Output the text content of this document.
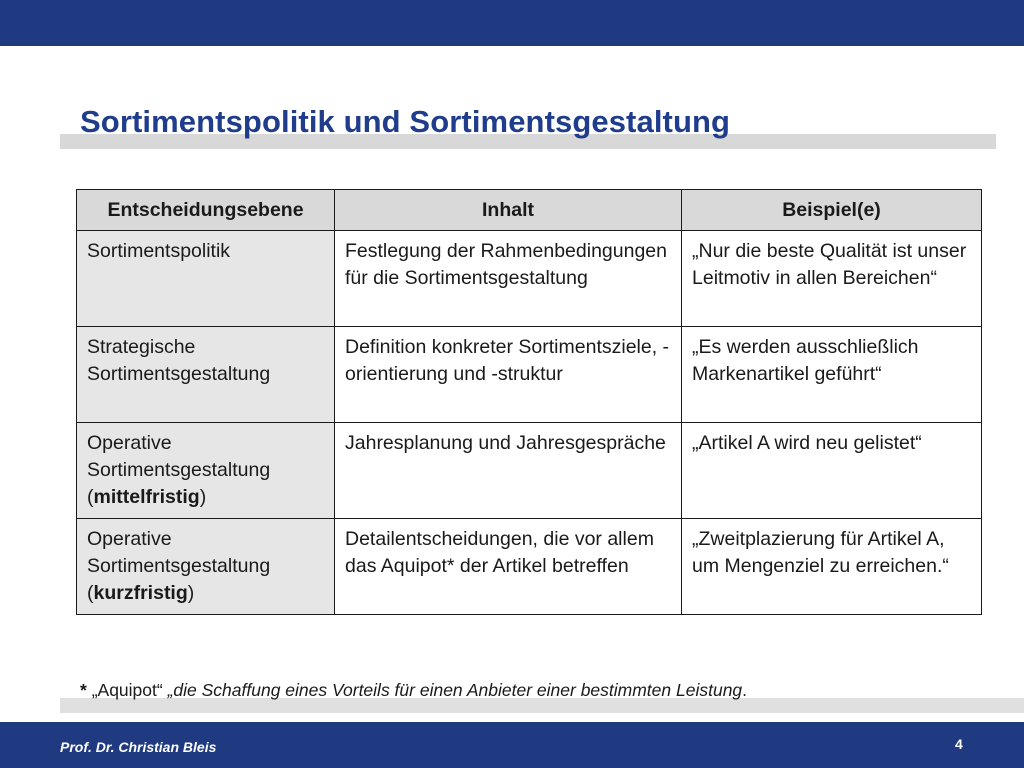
Sortimentspolitik und Sortimentsgestaltung
Entscheidungsebene	Inhalt	Beispiel(e)
Sortimentspolitik	Festlegung der Rahmenbedingungen für die Sortimentsgestaltung	„Nur die beste Qualität ist unser Leitmotiv in allen Bereichen“
Strategische Sortimentsgestaltung	Definition konkreter Sortimentsziele, -orientierung und -struktur	„Es werden ausschließlich Markenartikel geführt“
Operative Sortimentsgestaltung (mittelfristig)	Jahresplanung und Jahresgespräche	„Artikel A wird neu gelistet“
Operative Sortimentsgestaltung (kurzfristig)	Detailentscheidungen, die vor allem das Aquipot* der Artikel betreffen	„Zweitplazierung für Artikel A, um Mengenziel zu erreichen.“
* „Aquipot“ „die Schaffung eines Vorteils für einen Anbieter einer bestimmten Leistung.
Prof. Dr. Christian Bleis	4
